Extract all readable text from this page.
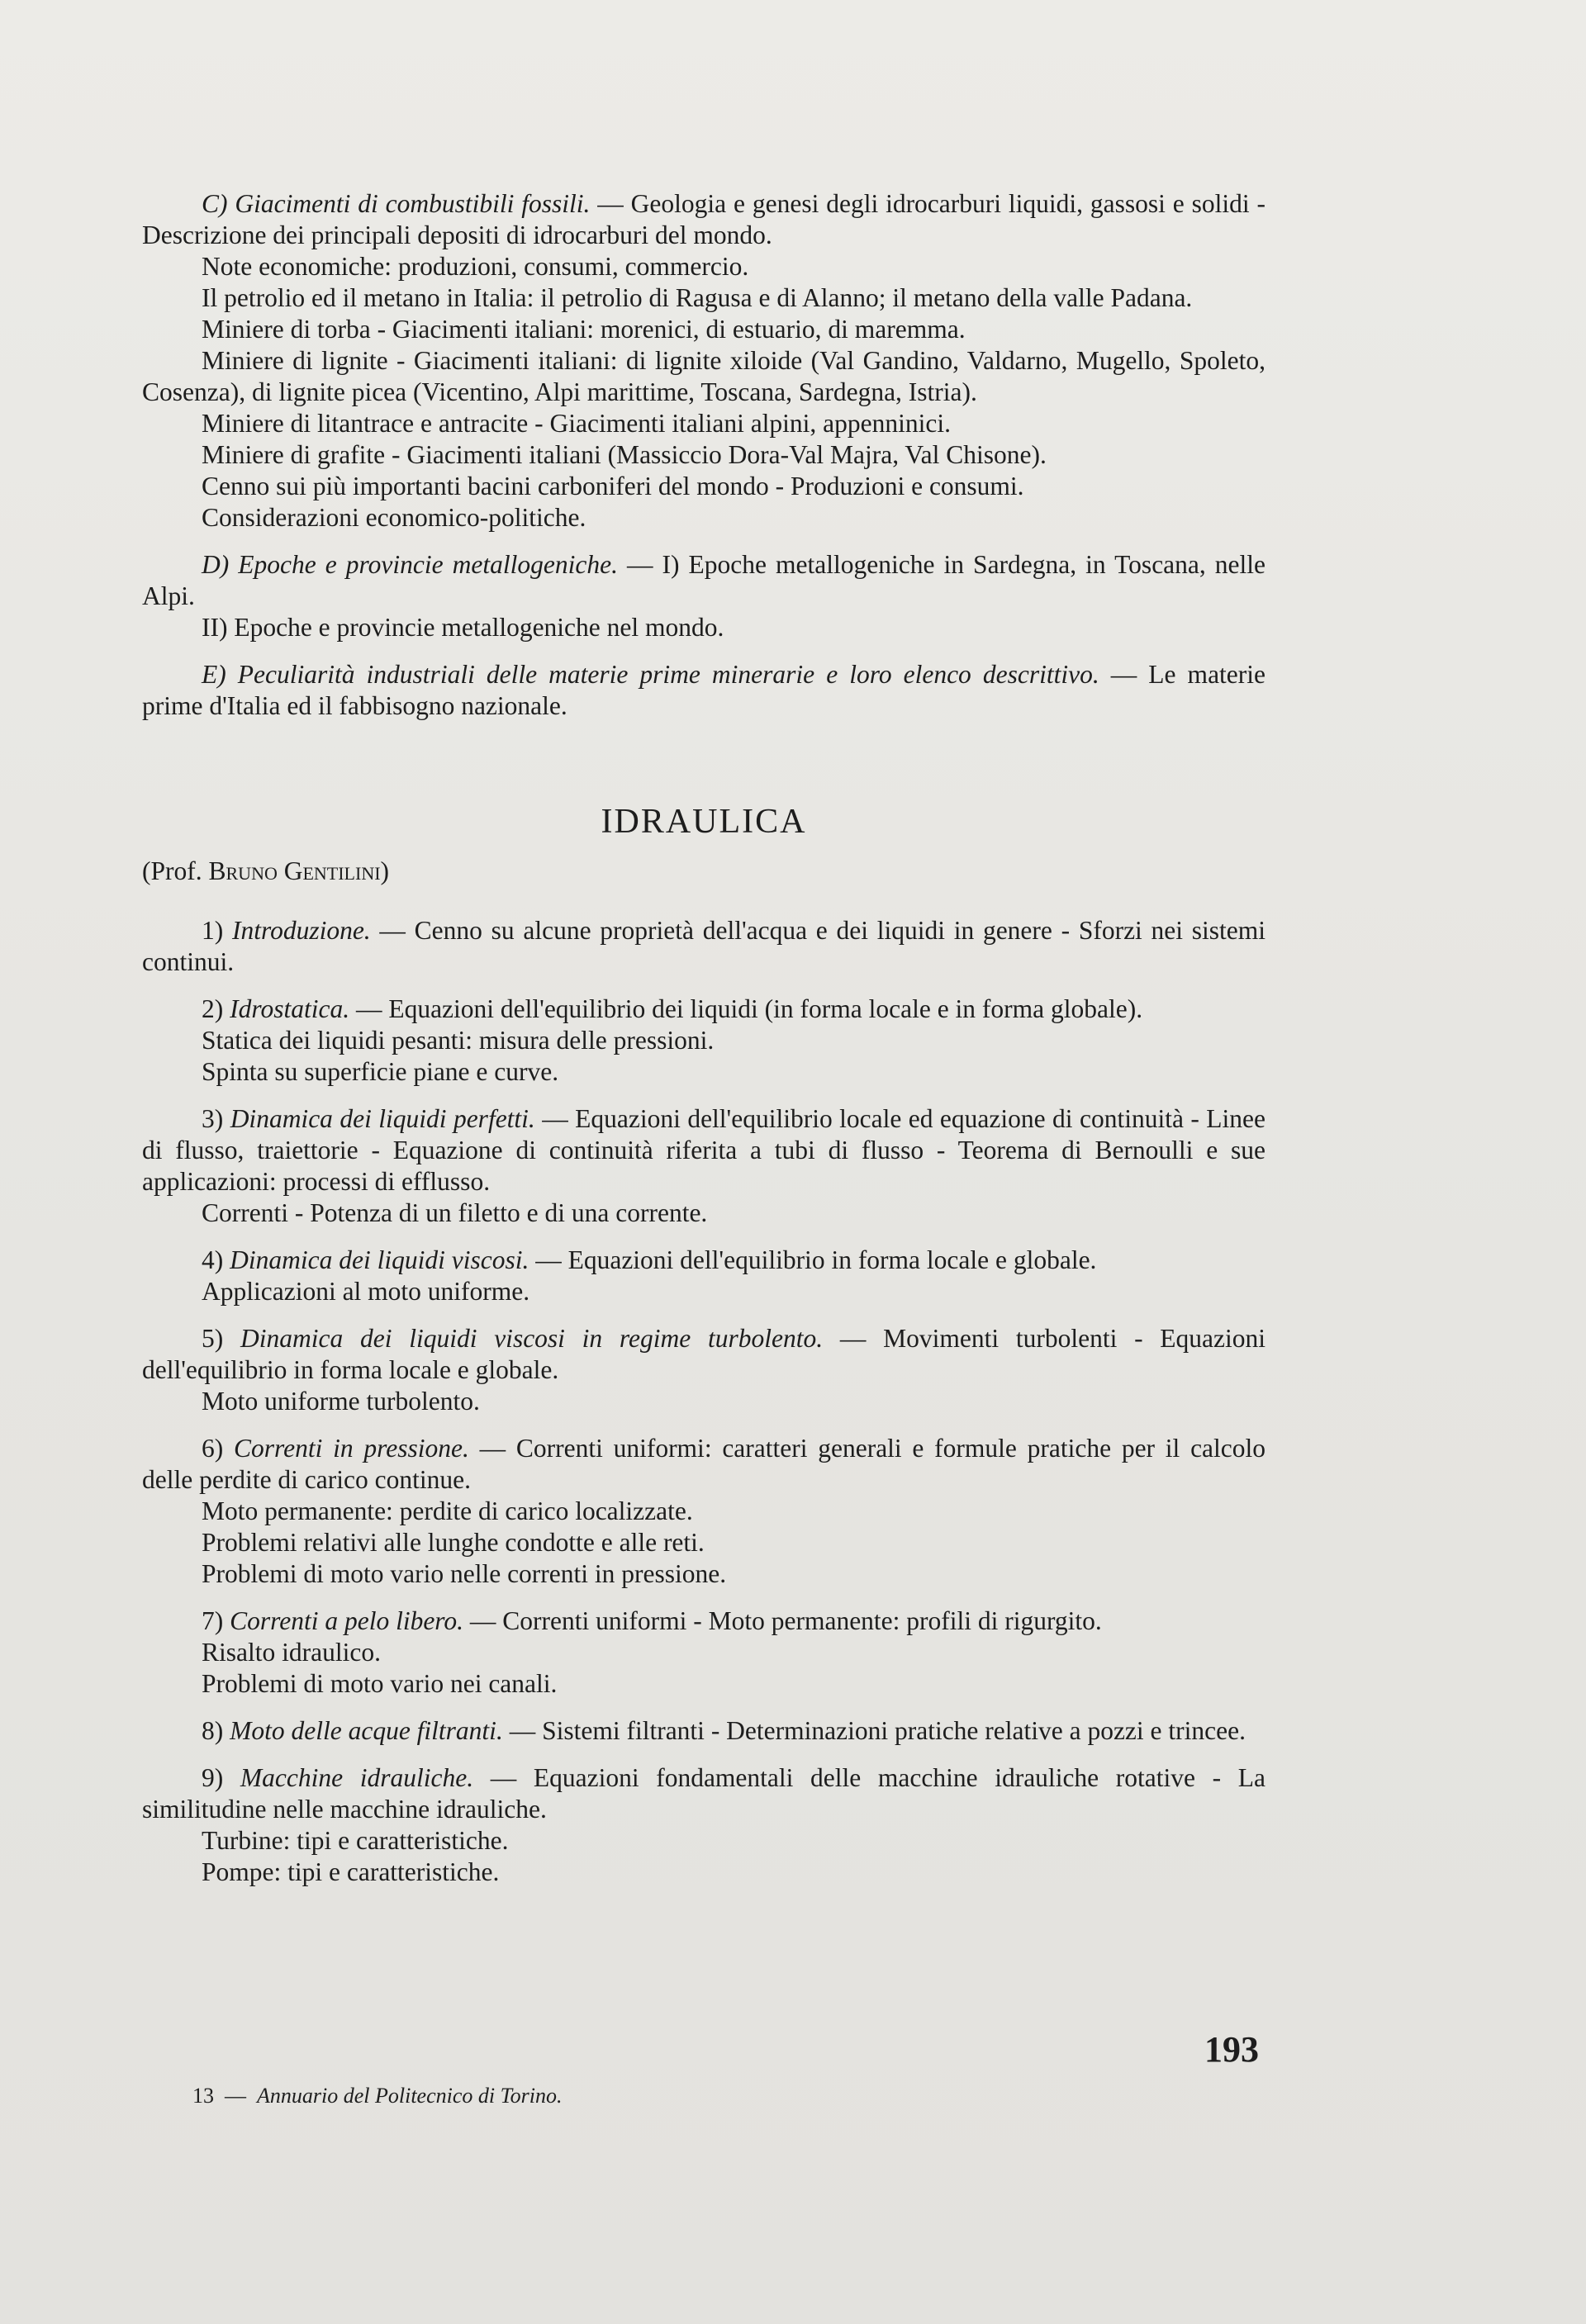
C) Giacimenti di combustibili fossili. — Geologia e genesi degli idrocarburi liquidi, gassosi e solidi - Descrizione dei principali depositi di idrocarburi del mondo.

Note economiche: produzioni, consumi, commercio.

Il petrolio ed il metano in Italia: il petrolio di Ragusa e di Alanno; il metano della valle Padana.

Miniere di torba - Giacimenti italiani: morenici, di estuario, di maremma.

Miniere di lignite - Giacimenti italiani: di lignite xiloide (Val Gandino, Valdarno, Mugello, Spoleto, Cosenza), di lignite picea (Vicentino, Alpi marittime, Toscana, Sardegna, Istria).

Miniere di litantrace e antracite - Giacimenti italiani alpini, appenninici.

Miniere di grafite - Giacimenti italiani (Massiccio Dora-Val Majra, Val Chisone).

Cenno sui più importanti bacini carboniferi del mondo - Produzioni e consumi.

Considerazioni economico-politiche.

D) Epoche e provincie metallogeniche. — I) Epoche metallogeniche in Sardegna, in Toscana, nelle Alpi.

II) Epoche e provincie metallogeniche nel mondo.

E) Peculiarità industriali delle materie prime minerarie e loro elenco descrittivo. — Le materie prime d'Italia ed il fabbisogno nazionale.

IDRAULICA

(Prof. Bruno Gentilini)

1) Introduzione. — Cenno su alcune proprietà dell'acqua e dei liquidi in genere - Sforzi nei sistemi continui.

2) Idrostatica. — Equazioni dell'equilibrio dei liquidi (in forma locale e in forma globale).

Statica dei liquidi pesanti: misura delle pressioni.

Spinta su superficie piane e curve.

3) Dinamica dei liquidi perfetti. — Equazioni dell'equilibrio locale ed equazione di continuità - Linee di flusso, traiettorie - Equazione di continuità riferita a tubi di flusso - Teorema di Bernoulli e sue applicazioni: processi di efflusso.

Correnti - Potenza di un filetto e di una corrente.

4) Dinamica dei liquidi viscosi. — Equazioni dell'equilibrio in forma locale e globale.

Applicazioni al moto uniforme.

5) Dinamica dei liquidi viscosi in regime turbolento. — Movimenti turbolenti - Equazioni dell'equilibrio in forma locale e globale.

Moto uniforme turbolento.

6) Correnti in pressione. — Correnti uniformi: caratteri generali e formule pratiche per il calcolo delle perdite di carico continue.

Moto permanente: perdite di carico localizzate.

Problemi relativi alle lunghe condotte e alle reti.

Problemi di moto vario nelle correnti in pressione.

7) Correnti a pelo libero. — Correnti uniformi - Moto permanente: profili di rigurgito.

Risalto idraulico.

Problemi di moto vario nei canali.

8) Moto delle acque filtranti. — Sistemi filtranti - Determinazioni pratiche relative a pozzi e trincee.

9) Macchine idrauliche. — Equazioni fondamentali delle macchine idrauliche rotative - La similitudine nelle macchine idrauliche.

Turbine: tipi e caratteristiche.

Pompe: tipi e caratteristiche.

193
13 — Annuario del Politecnico di Torino.
